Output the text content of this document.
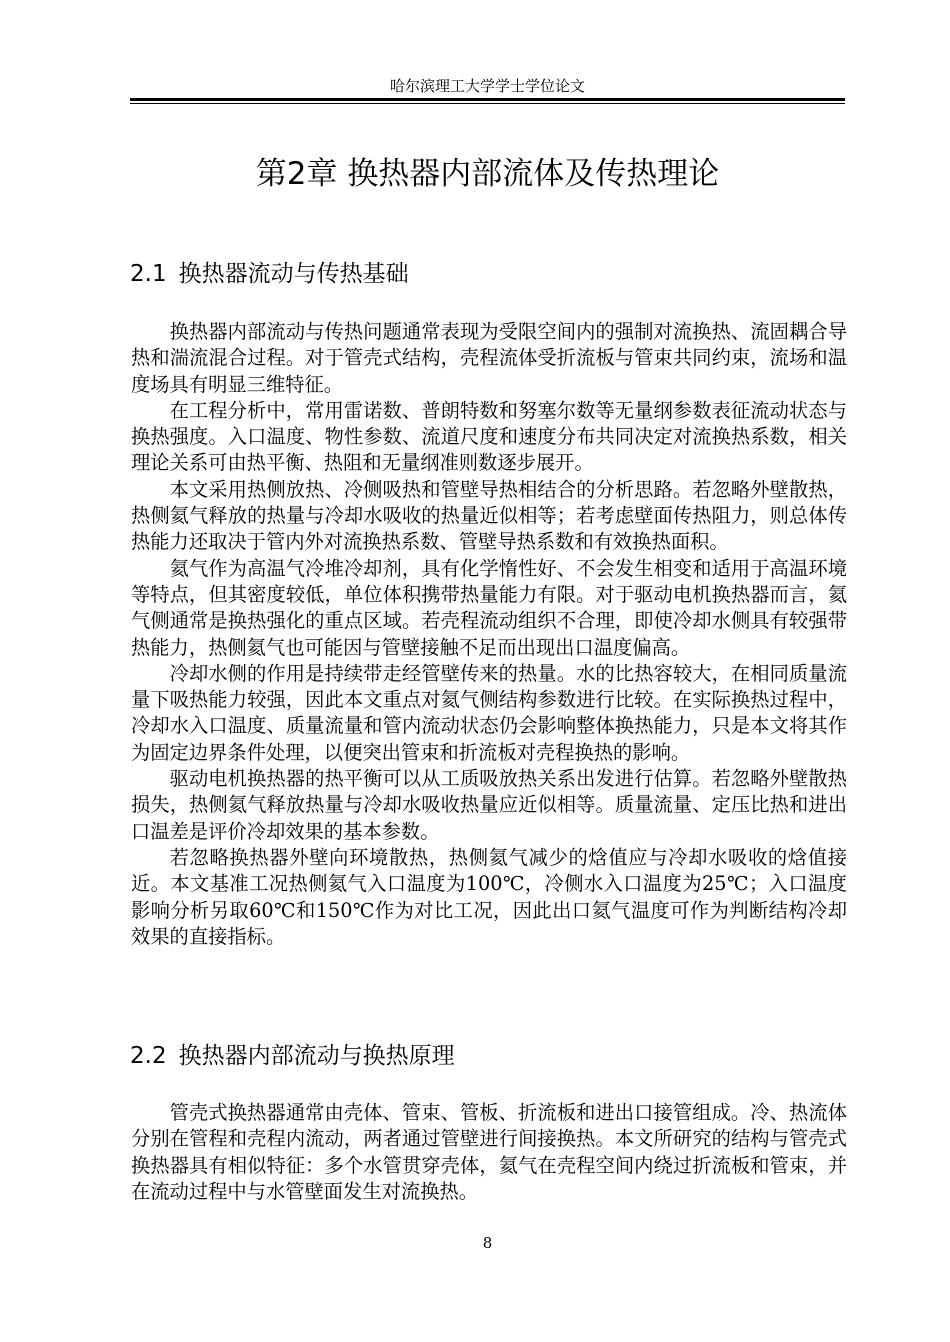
哈尔滨理工大学学士学位论文
第2章 换热器内部流体及传热理论
2.1 换热器流动与传热基础

换热器内部流动与传热问题通常表现为受限空间内的强制对流换热、流固耦合导热和湍流混合过程。对于管壳式结构，壳程流体受折流板与管束共同约束，流场和温度场具有明显三维特征。

在工程分析中，常用雷诺数、普朗特数和努塞尔数等无量纲参数表征流动状态与换热强度。入口温度、物性参数、流道尺度和速度分布共同决定对流换热系数，相关理论关系可由热平衡、热阻和无量纲准则数逐步展开。

本文采用热侧放热、冷侧吸热和管壁导热相结合的分析思路。若忽略外壁散热，热侧氦气释放的热量与冷却水吸收的热量近似相等；若考虑壁面传热阻力，则总体传热能力还取决于管内外对流换热系数、管壁导热系数和有效换热面积。

氦气作为高温气冷堆冷却剂，具有化学惰性好、不会发生相变和适用于高温环境等特点，但其密度较低，单位体积携带热量能力有限。对于驱动电机换热器而言，氦气侧通常是换热强化的重点区域。若壳程流动组织不合理，即使冷却水侧具有较强带热能力，热侧氦气也可能因与管壁接触不足而出现出口温度偏高。

冷却水侧的作用是持续带走经管壁传来的热量。水的比热容较大，在相同质量流量下吸热能力较强，因此本文重点对氦气侧结构参数进行比较。在实际换热过程中，冷却水入口温度、质量流量和管内流动状态仍会影响整体换热能力，只是本文将其作为固定边界条件处理，以便突出管束和折流板对壳程换热的影响。

驱动电机换热器的热平衡可以从工质吸放热关系出发进行估算。若忽略外壁散热损失，热侧氦气释放热量与冷却水吸收热量应近似相等。质量流量、定压比热和进出口温差是评价冷却效果的基本参数。

若忽略换热器外壁向环境散热，热侧氦气减少的焓值应与冷却水吸收的焓值接近。本文基准工况热侧氦气入口温度为100℃，冷侧水入口温度为25℃；入口温度影响分析另取60℃和150℃作为对比工况，因此出口氦气温度可作为判断结构冷却效果的直接指标。

2.2 换热器内部流动与换热原理

管壳式换热器通常由壳体、管束、管板、折流板和进出口接管组成。冷、热流体分别在管程和壳程内流动，两者通过管壁进行间接换热。本文所研究的结构与管壳式换热器具有相似特征：多个水管贯穿壳体，氦气在壳程空间内绕过折流板和管束，并在流动过程中与水管壁面发生对流换热。

8
